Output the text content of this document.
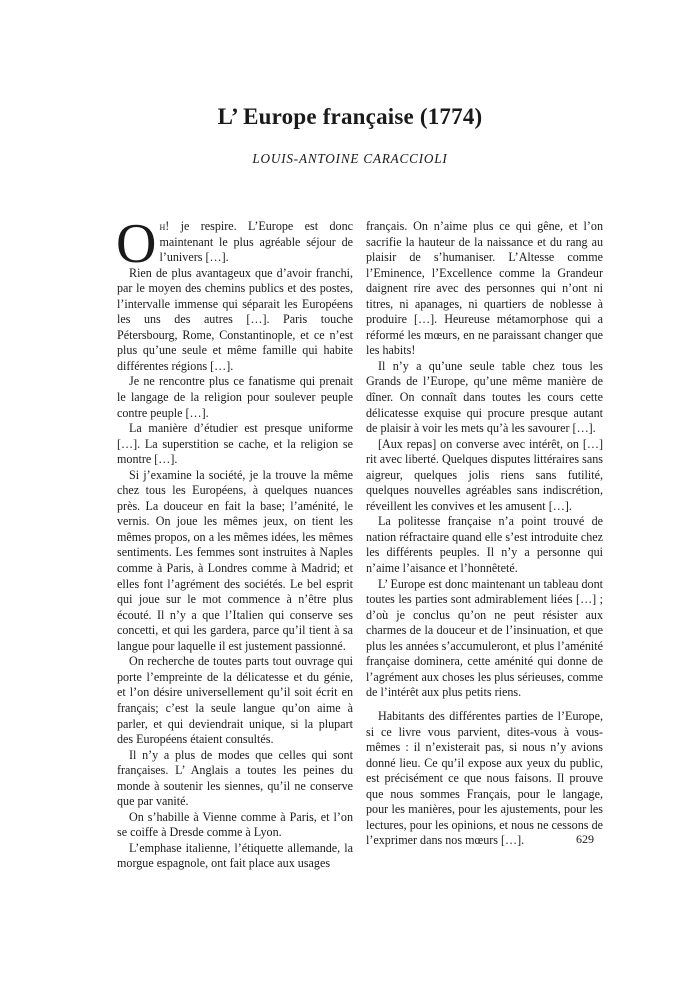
L’ Europe française (1774)
LOUIS-ANTOINE CARACCIOLI

Oh! je respire. L’Europe est donc maintenant le plus agréable séjour de l’univers […].

Rien de plus avantageux que d’avoir franchi, par le moyen des chemins publics et des postes, l’intervalle immense qui séparait les Européens les uns des autres […]. Paris touche Pétersbourg, Rome, Constantinople, et ce n’est plus qu’une seule et même famille qui habite différentes régions […].

Je ne rencontre plus ce fanatisme qui prenait le langage de la religion pour soulever peuple contre peuple […].

La manière d’étudier est presque uniforme […]. La superstition se cache, et la religion se montre […].

Si j’examine la société, je la trouve la même chez tous les Européens, à quelques nuances près. La douceur en fait la base; l’aménité, le vernis. On joue les mêmes jeux, on tient les mêmes propos, on a les mêmes idées, les mêmes sentiments. Les femmes sont instruites à Naples comme à Paris, à Londres comme à Madrid; et elles font l’agrément des sociétés. Le bel esprit qui joue sur le mot commence à n’être plus écouté. Il n’y a que l’Italien qui conserve ses concetti, et qui les gardera, parce qu’il tient à sa langue pour laquelle il est justement passionné.

On recherche de toutes parts tout ouvrage qui porte l’empreinte de la délicatesse et du génie, et l’on désire universellement qu’il soit écrit en français; c’est la seule langue qu’on aime à parler, et qui deviendrait unique, si la plupart des Européens étaient consultés.

Il n’y a plus de modes que celles qui sont françaises. L’ Anglais a toutes les peines du monde à soutenir les siennes, qu’il ne conserve que par vanité.

On s’habille à Vienne comme à Paris, et l’on se coiffe à Dresde comme à Lyon.

L’emphase italienne, l’étiquette allemande, la morgue espagnole, ont fait place aux usages

français. On n’aime plus ce qui gêne, et l’on sacrifie la hauteur de la naissance et du rang au plaisir de s’humaniser. L’Altesse comme l’Eminence, l’Excellence comme la Grandeur daignent rire avec des personnes qui n’ont ni titres, ni apanages, ni quartiers de noblesse à produire […]. Heureuse métamorphose qui a réformé les mœurs, en ne paraissant changer que les habits!

Il n’y a qu’une seule table chez tous les Grands de l’Europe, qu’une même manière de dîner. On connaît dans toutes les cours cette délicatesse exquise qui procure presque autant de plaisir à voir les mets qu’à les savourer […].

[Aux repas] on converse avec intérêt, on […] rit avec liberté. Quelques disputes littéraires sans aigreur, quelques jolis riens sans futilité, quelques nouvelles agréables sans indiscrétion, réveillent les convives et les amusent […].

La politesse française n’a point trouvé de nation réfractaire quand elle s’est introduite chez les différents peuples. Il n’y a personne qui n’aime l’aisance et l’honnêteté.

L’ Europe est donc maintenant un tableau dont toutes les parties sont admirablement liées […] ; d’où je conclus qu’on ne peut résister aux charmes de la douceur et de l’insinuation, et que plus les années s’accumuleront, et plus l’aménité française dominera, cette aménité qui donne de l’agrément aux choses les plus sérieuses, comme de l’intérêt aux plus petits riens.

Habitants des différentes parties de l’Europe, si ce livre vous parvient, dites-vous à vous-mêmes : il n’existerait pas, si nous n’y avions donné lieu. Ce qu’il expose aux yeux du public, est précisément ce que nous faisons. Il prouve que nous sommes Français, pour le langage, pour les manières, pour les ajustements, pour les lectures, pour les opinions, et nous ne cessons de l’exprimer dans nos mœurs […].	629
